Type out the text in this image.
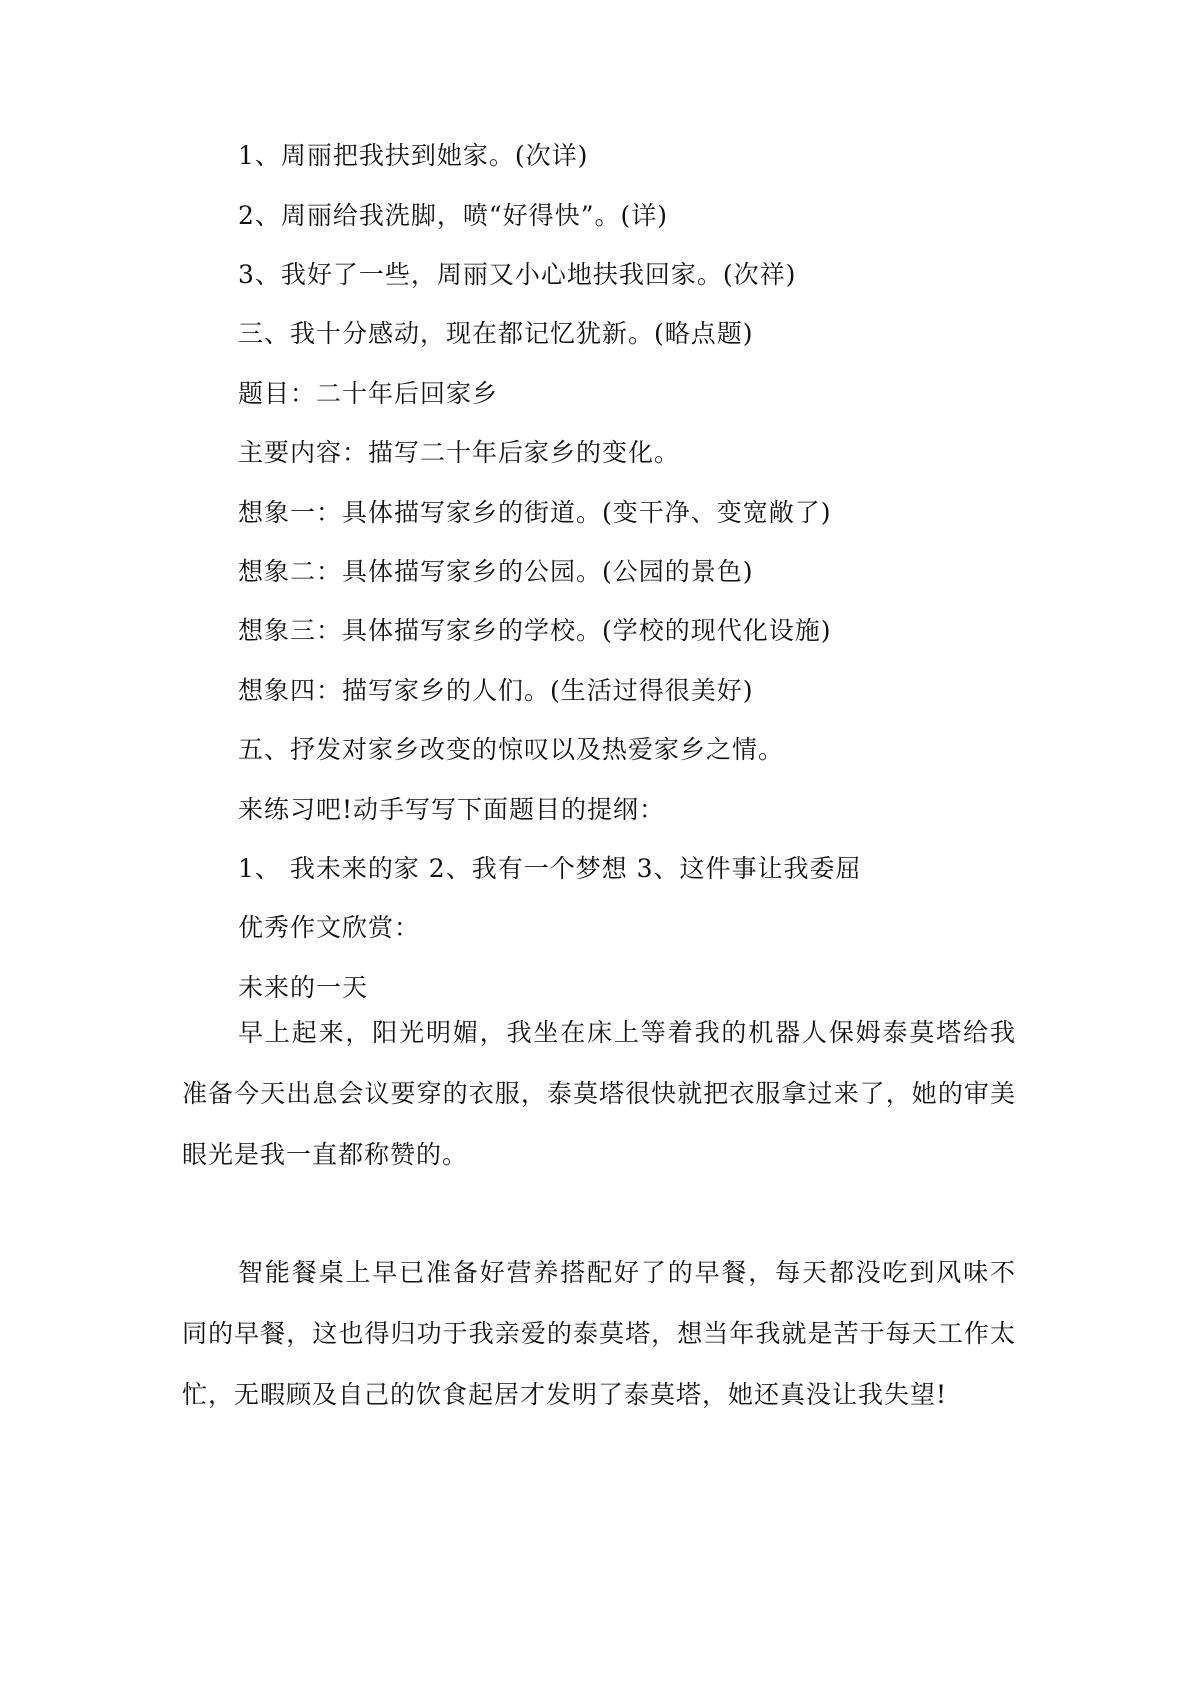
1、周丽把我扶到她家。(次详)
2、周丽给我洗脚，喷“好得快”。(详)
3、我好了一些，周丽又小心地扶我回家。(次祥)
三、我十分感动，现在都记忆犹新。(略点题)
题目：二十年后回家乡
主要内容：描写二十年后家乡的变化。
想象一：具体描写家乡的街道。(变干净、变宽敞了)
想象二：具体描写家乡的公园。(公园的景色)
想象三：具体描写家乡的学校。(学校的现代化设施)
想象四：描写家乡的人们。(生活过得很美好)
五、抒发对家乡改变的惊叹以及热爱家乡之情。
来练习吧!动手写写下面题目的提纲：
1、 我未来的家 2、我有一个梦想 3、这件事让我委屈
优秀作文欣赏：
未来的一天

早上起来，阳光明媚，我坐在床上等着我的机器人保姆泰莫塔给我准备今天出息会议要穿的衣服，泰莫塔很快就把衣服拿过来了，她的审美眼光是我一直都称赞的。

智能餐桌上早已准备好营养搭配好了的早餐，每天都没吃到风味不同的早餐，这也得归功于我亲爱的泰莫塔，想当年我就是苦于每天工作太忙，无暇顾及自己的饮食起居才发明了泰莫塔，她还真没让我失望!
